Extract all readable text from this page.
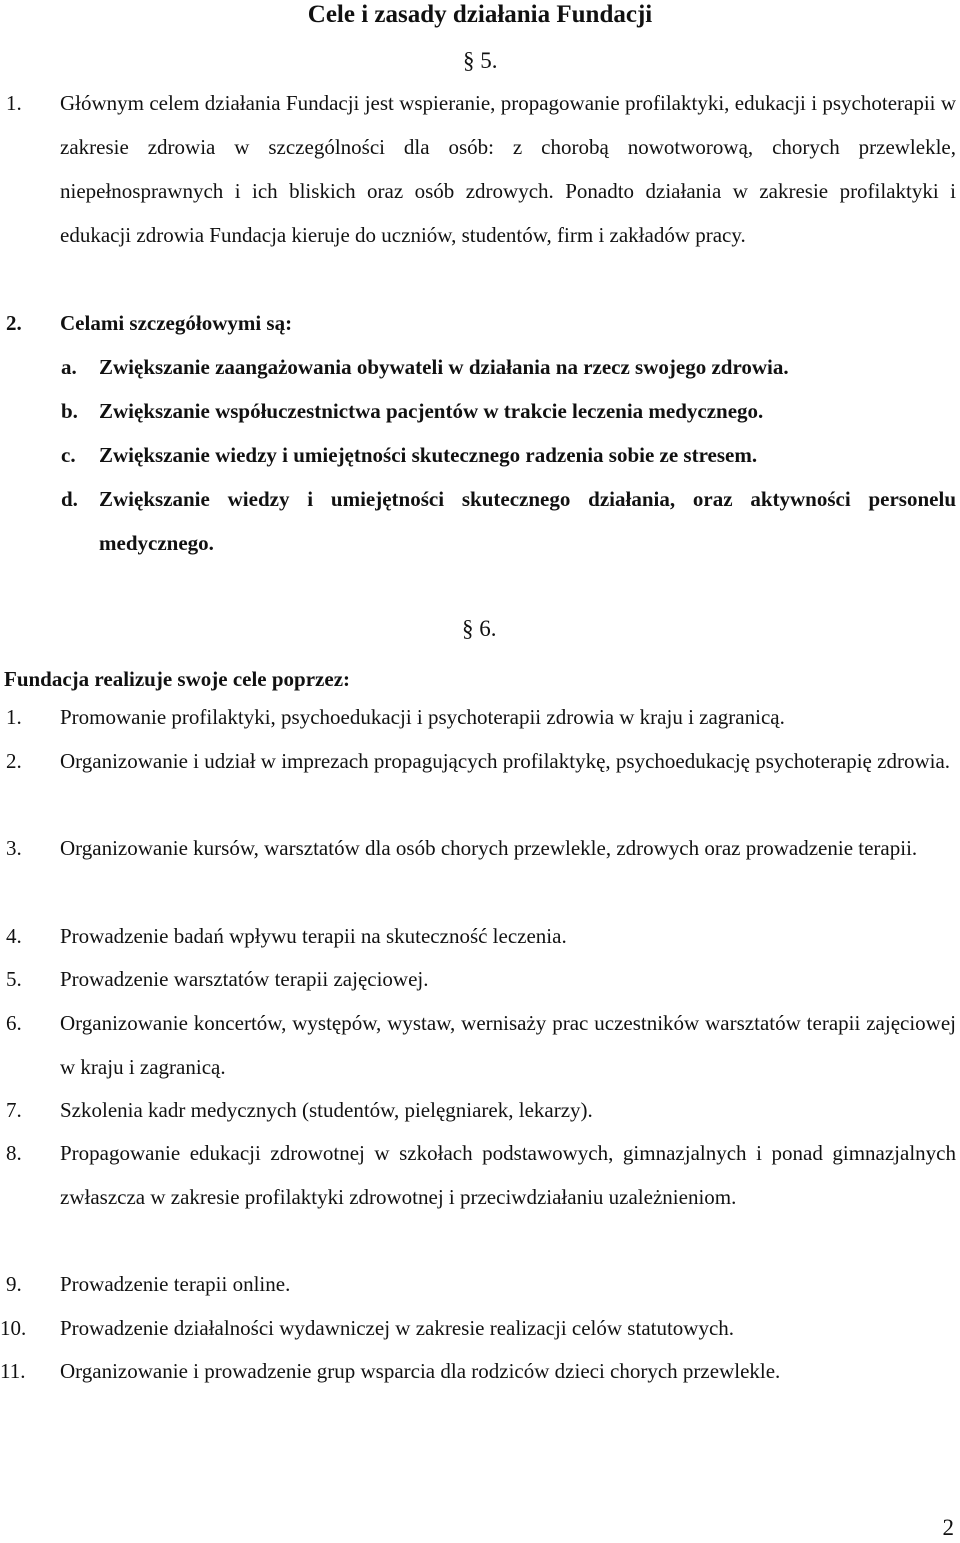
Cele i zasady działania Fundacji
§ 5.
1. Głównym celem działania Fundacji jest wspieranie, propagowanie profilaktyki, edukacji i psychoterapii w zakresie zdrowia w szczególności dla osób: z chorobą nowotworową, chorych przewlekle, niepełnosprawnych i ich bliskich oraz osób zdrowych. Ponadto działania w zakresie profilaktyki i edukacji zdrowia Fundacja kieruje do uczniów, studentów, firm i zakładów pracy.
2. Celami szczegółowymi są:
a. Zwiększanie zaangażowania obywateli w działania na rzecz swojego zdrowia.
b. Zwiększanie współuczestnictwa pacjentów w trakcie leczenia medycznego.
c. Zwiększanie wiedzy i umiejętności skutecznego radzenia sobie ze stresem.
d. Zwiększanie wiedzy i umiejętności skutecznego działania, oraz aktywności personelu medycznego.
§ 6.
Fundacja realizuje swoje cele poprzez:
1. Promowanie profilaktyki, psychoedukacji i psychoterapii zdrowia w kraju i zagranicą.
2. Organizowanie i udział w imprezach propagujących profilaktykę, psychoedukację psychoterapię zdrowia.
3. Organizowanie kursów, warsztatów dla osób chorych przewlekle, zdrowych oraz prowadzenie terapii.
4. Prowadzenie badań wpływu terapii na skuteczność leczenia.
5. Prowadzenie warsztatów terapii zajęciowej.
6. Organizowanie koncertów, występów, wystaw, wernisaży prac uczestników warsztatów terapii zajęciowej w kraju i zagranicą.
7. Szkolenia kadr medycznych (studentów, pielęgniarek, lekarzy).
8. Propagowanie edukacji zdrowotnej w szkołach podstawowych, gimnazjalnych i ponad gimnazjalnych zwłaszcza w zakresie profilaktyki zdrowotnej i przeciwdziałaniu uzależnieniom.
9. Prowadzenie terapii online.
10. Prowadzenie działalności wydawniczej w zakresie realizacji celów statutowych.
11. Organizowanie i prowadzenie grup wsparcia dla rodziców dzieci chorych przewlekle.
2
